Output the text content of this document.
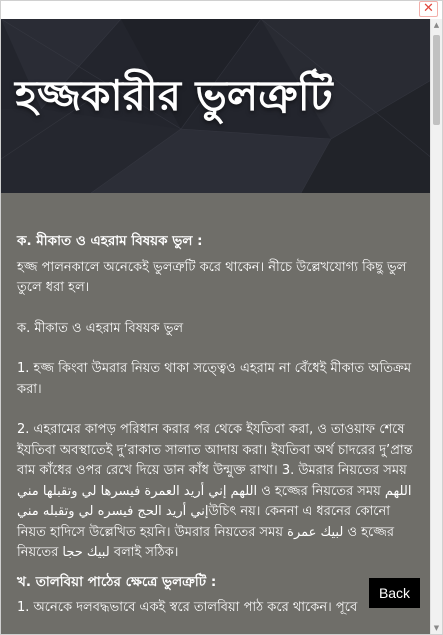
✕
হজ্জকারীর ভুলত্রুটি
ক. মীকাত ও এহরাম বিষয়ক ভুল :

হজ্জ পালনকালে অনেকেই ভুলত্রুটি করে থাকেন। নীচে উল্লেখযোগ্য কিছু ভুল তুলে ধরা হল।

ক. মীকাত ও এহরাম বিষয়ক ভুল

1. হজ্জ কিংবা উমরার নিয়ত থাকা সত্ত্বেও এহরাম না বেঁধেই মীকাত অতিক্রম করা।

2. এহরামের কাপড় পরিধান করার পর থেকে ইযতিবা করা, ও তাওয়াফ শেষে ইযতিবা অবস্থাতেই দু’রাকাত সালাত আদায় করা। ইযতিবা অর্থ চাদরের দু’প্রান্ত বাম কাঁধের ওপর রেখে দিয়ে ডান কাঁধ উন্মুক্ত রাখা। 3. উমরার নিয়তের সময় اللهم إني أريد العمرة فيسرها لي وتقبلها مني ও হজ্জের নিয়তের সময় اللهم إني أريد الحج فيسره لي وتقبله منيউচিৎ নয়। কেননা এ ধরনের কোনো নিয়ত হাদিসে উল্লেখিত হয়নি। উমরার নিয়তের সময় لبيك عمرة ও হজ্জের নিয়তের لبيك حجا বলাই সঠিক।

খ. তালবিয়া পাঠের ক্ষেত্রে ভুলত্রুটি :

1. অনেকে দলবদ্ধভাবে একই স্বরে তালবিয়া পাঠ করে থাকেন। পূবে

▲
▼
Back
